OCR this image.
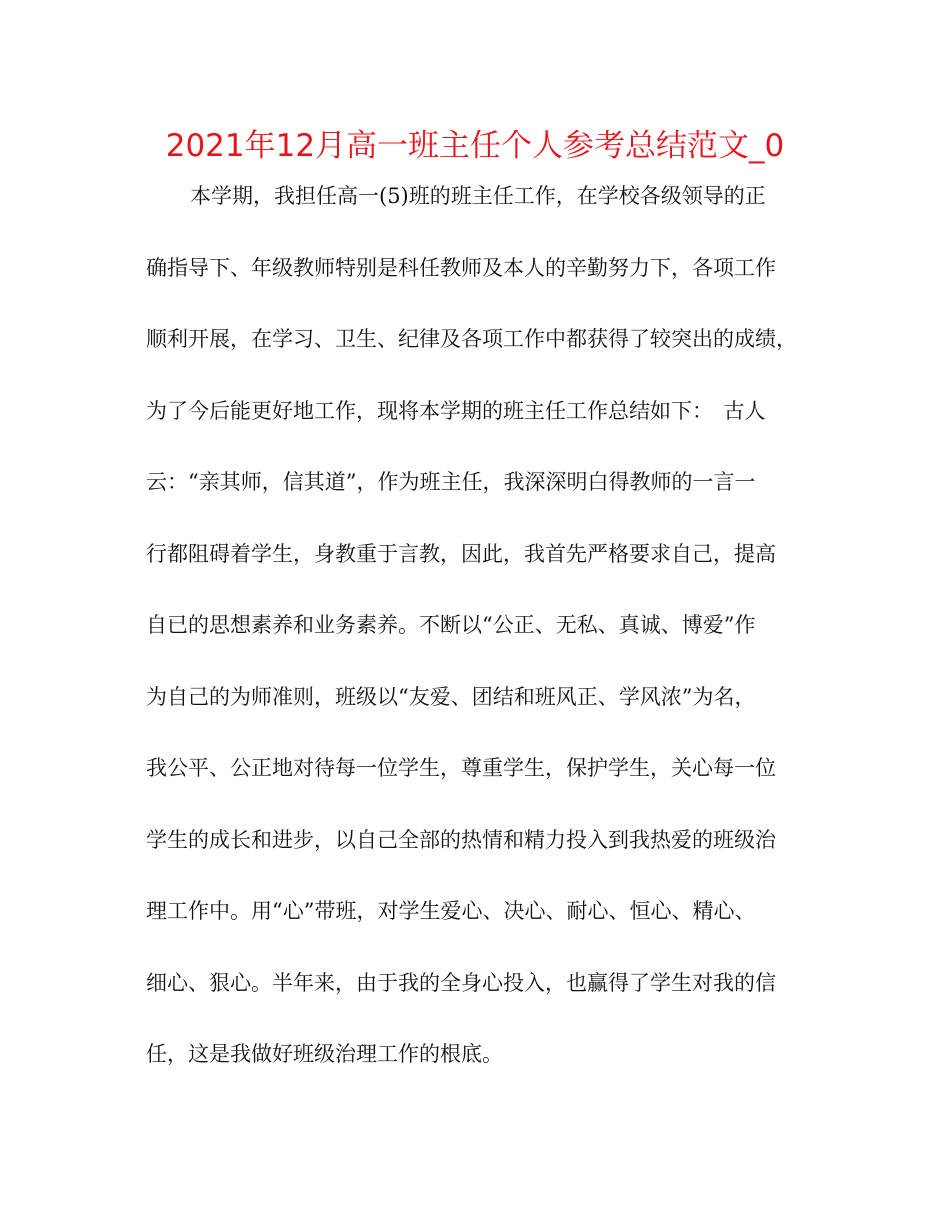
2021年12月高一班主任个人参考总结范文_0
本学期，我担任高一(5)班的班主任工作，在学校各级领导的正
确指导下、年级教师特别是科任教师及本人的辛勤努力下，各项工作
顺利开展，在学习、卫生、纪律及各项工作中都获得了较突出的成绩，
为了今后能更好地工作，现将本学期的班主任工作总结如下：　古人
云：“亲其师，信其道”，作为班主任，我深深明白得教师的一言一
行都阻碍着学生，身教重于言教，因此，我首先严格要求自己，提高
自已的思想素养和业务素养。不断以“公正、无私、真诚、博爱”作
为自己的为师准则，班级以“友爱、团结和班风正、学风浓”为名，
我公平、公正地对待每一位学生，尊重学生，保护学生，关心每一位
学生的成长和进步，以自己全部的热情和精力投入到我热爱的班级治
理工作中。用“心”带班，对学生爱心、决心、耐心、恒心、精心、
细心、狠心。半年来，由于我的全身心投入，也赢得了学生对我的信
任，这是我做好班级治理工作的根底。
